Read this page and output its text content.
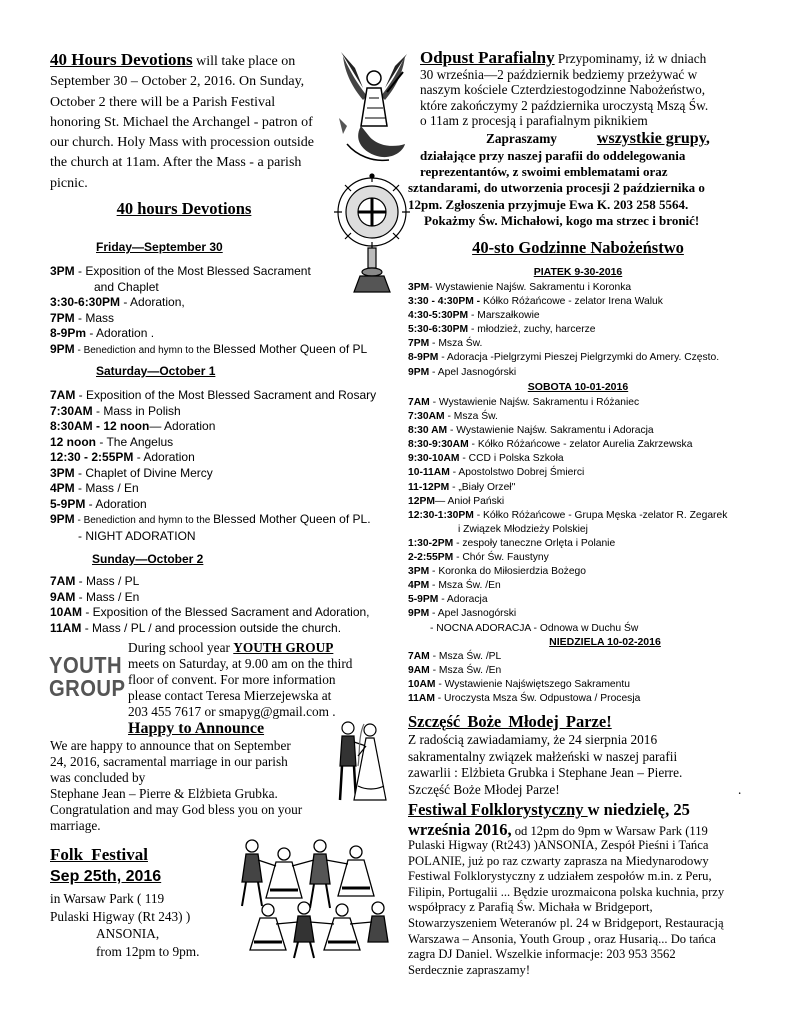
40 Hours Devotions will take place on
September 30 – October 2, 2016. On Sunday,
October 2 there will be a Parish Festival
honoring St. Michael the Archangel - patron of
our church. Holy Mass with procession outside
the church at 11am. After the Mass - a parish
picnic.
40 hours Devotions
Friday—September 30
3PM - Exposition of the Most Blessed Sacrament
and Chaplet
3:30-6:30PM - Adoration,
7PM - Mass
8-9Pm - Adoration .
9PM - Benediction and hymn to the Blessed Mother Queen of PL
Saturday—October 1
7AM - Exposition of the Most Blessed Sacrament and Rosary
7:30AM - Mass in Polish
8:30AM - 12 noon— Adoration
12 noon - The Angelus
12:30 - 2:55PM - Adoration
3PM - Chaplet of Divine Mercy
4PM - Mass / En
5-9PM - Adoration
9PM - Benediction and hymn to the Blessed Mother Queen of PL.
- NIGHT ADORATION
Sunday—October 2
7AM - Mass / PL
9AM - Mass / En
10AM - Exposition of the Blessed Sacrament and Adoration,
11AM - Mass / PL / and procession outside the church.
YOUTH
GROUP
During school year YOUTH GROUP
meets on Saturday, at 9.00 am on the third
floor of convent. For more information
please contact Teresa Mierzejewska at
203 455 7617 or smapyg@gmail.com .
Happy to Announce
We are happy to announce that on September
24, 2016, sacramental marriage in our parish
was concluded by
Stephane Jean – Pierre & Elżbieta Grubka.
Congratulation and may God bless you on your
marriage.
Folk Festival
Sep 25th, 2016
in Warsaw Park ( 119
Pulaski Higway (Rt 243) )
ANSONIA,
from 12pm to 9pm.
Odpust Parafialny Przypominamy, iż w dniach
30 września—2 październik bedziemy przeżywać w
naszym kościele Czterdziestogodzinne Nabożeństwo,
które zakończymy 2 października uroczystą Mszą Św.
o 11am z procesją i parafialnym piknikiem
Zapraszamy	wszystkie grupy,
działające przy naszej parafii do oddelegowania
reprezentantów, z swoimi emblematami oraz
sztandarami, do utworzenia procesji 2 października o
12pm. Zgłoszenia przyjmuje Ewa K. 203 258 5564.
Pokażmy Św. Michałowi, kogo ma strzec i bronić!
40-sto Godzinne Nabożeństwo
PIATEK 9-30-2016
3PM- Wystawienie Najśw. Sakramentu i Koronka
3:30 - 4:30PM - Kółko Różańcowe - zelator Irena Waluk
4:30-5:30PM - Marszałkowie
5:30-6:30PM - młodzież, zuchy, harcerze
7PM - Msza Św.
8-9PM - Adoracja -Pielgrzymi Pieszej Pielgrzymki do Amery. Często.
9PM - Apel Jasnogórski
SOBOTA 10-01-2016
7AM - Wystawienie Najśw. Sakramentu i Różaniec
7:30AM - Msza Św.
8:30 AM - Wystawienie Najśw. Sakramentu i Adoracja
8:30-9:30AM - Kółko Różańcowe - zelator Aurelia Zakrzewska
9:30-10AM - CCD i Polska Szkoła
10-11AM - Apostolstwo Dobrej Śmierci
11-12PM - „Biały Orzeł"
12PM— Anioł Pański
12:30-1:30PM - Kółko Różańcowe - Grupa Męska -zelator R. Zegarek
i Związek Młodzieży Polskiej
1:30-2PM - zespoły taneczne Orlęta i Polanie
2-2:55PM - Chór Św. Faustyny
3PM - Koronka do Miłosierdzia Bożego
4PM - Msza Św. /En
5-9PM - Adoracja
9PM - Apel Jasnogórski
- NOCNA ADORACJA - Odnowa w Duchu Św
NIEDZIELA 10-02-2016
7AM - Msza Św. /PL
9AM - Msza Św. /En
10AM - Wystawienie Najświętszego Sakramentu
11AM - Uroczysta Msza Św. Odpustowa / Procesja
Szczęść Boże Młodej Parze!
Z radością zawiadamiamy, że 24 sierpnia 2016
sakramentalny związek małżeński w naszej parafii
zawarlii : Elżbieta Grubka i Stephane Jean – Pierre.
Szczęść Boże Młodej Parze!	.
Festiwal Folklorystyczny w niedzielę, 25
września 2016, od 12pm do 9pm w Warsaw Park (119
Pulaski Higway (Rt243) )ANSONIA, Zespół Pieśni i Tańca
POLANIE, już po raz czwarty zaprasza na Miedynarodowy
Festiwal Folklorystyczny z udziałem zespołów m.in. z Peru,
Filipin, Portugalii ... Będzie urozmaicona polska kuchnia, przy
współpracy z Parafią Św. Michała w Bridgeport,
Stowarzyszeniem Weteranów pl. 24 w Bridgeport, Restauracją
Warszawa – Ansonia, Youth Group , oraz Husarią... Do tańca
zagra DJ Daniel. Wszelkie informacje: 203 953 3562
Serdecznie zapraszamy!
